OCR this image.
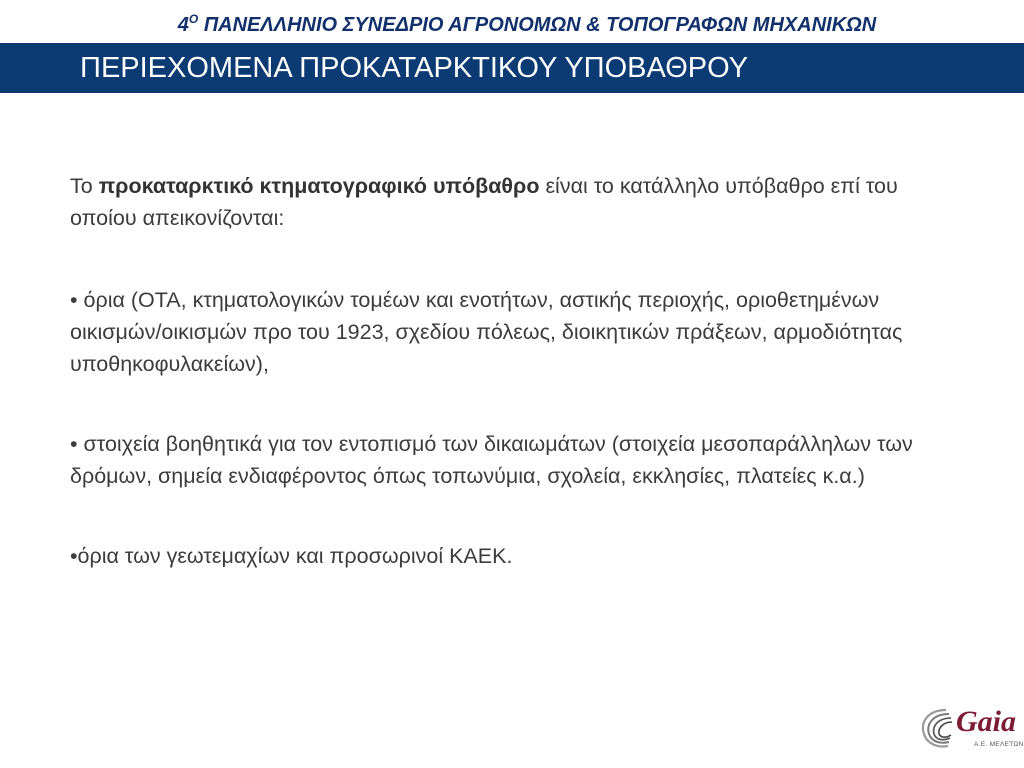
$4^O$ ΠΑΝΕΛΛΗΝΙΟ ΣΥΝΕΔΡΙΟ ΑΓΡΟΝΟΜΩΝ & ΤΟΠΟΓΡΑΦΩΝ ΜΗΧΑΝΙΚΩΝ
ΠΕΡΙΕΧΟΜΕΝΑ ΠΡΟΚΑΤΑΡΚΤΙΚΟΥ ΥΠΟΒΑΘΡΟΥ

Το προκαταρκτικό κτηματογραφικό υπόβαθρο είναι το κατάλληλο υπόβαθρο επί του οποίου απεικονίζονται:

• όρια (ΟΤΑ, κτηματολογικών τομέων και ενοτήτων, αστικής περιοχής, οριοθετημένων οικισμών/οικισμών προ του 1923, σχεδίου πόλεως, διοικητικών πράξεων, αρμοδιότητας υποθηκοφυλακείων),

• στοιχεία βοηθητικά για τον εντοπισμό των δικαιωμάτων (στοιχεία μεσοπαράλληλων των δρόμων, σημεία ενδιαφέροντος όπως τοπωνύμια, σχολεία, εκκλησίες, πλατείες κ.α.)

•όρια των γεωτεμαχίων και προσωρινοί ΚΑΕΚ.

Gaia
Α.Ε. ΜΕΛΕΤΩΝ
